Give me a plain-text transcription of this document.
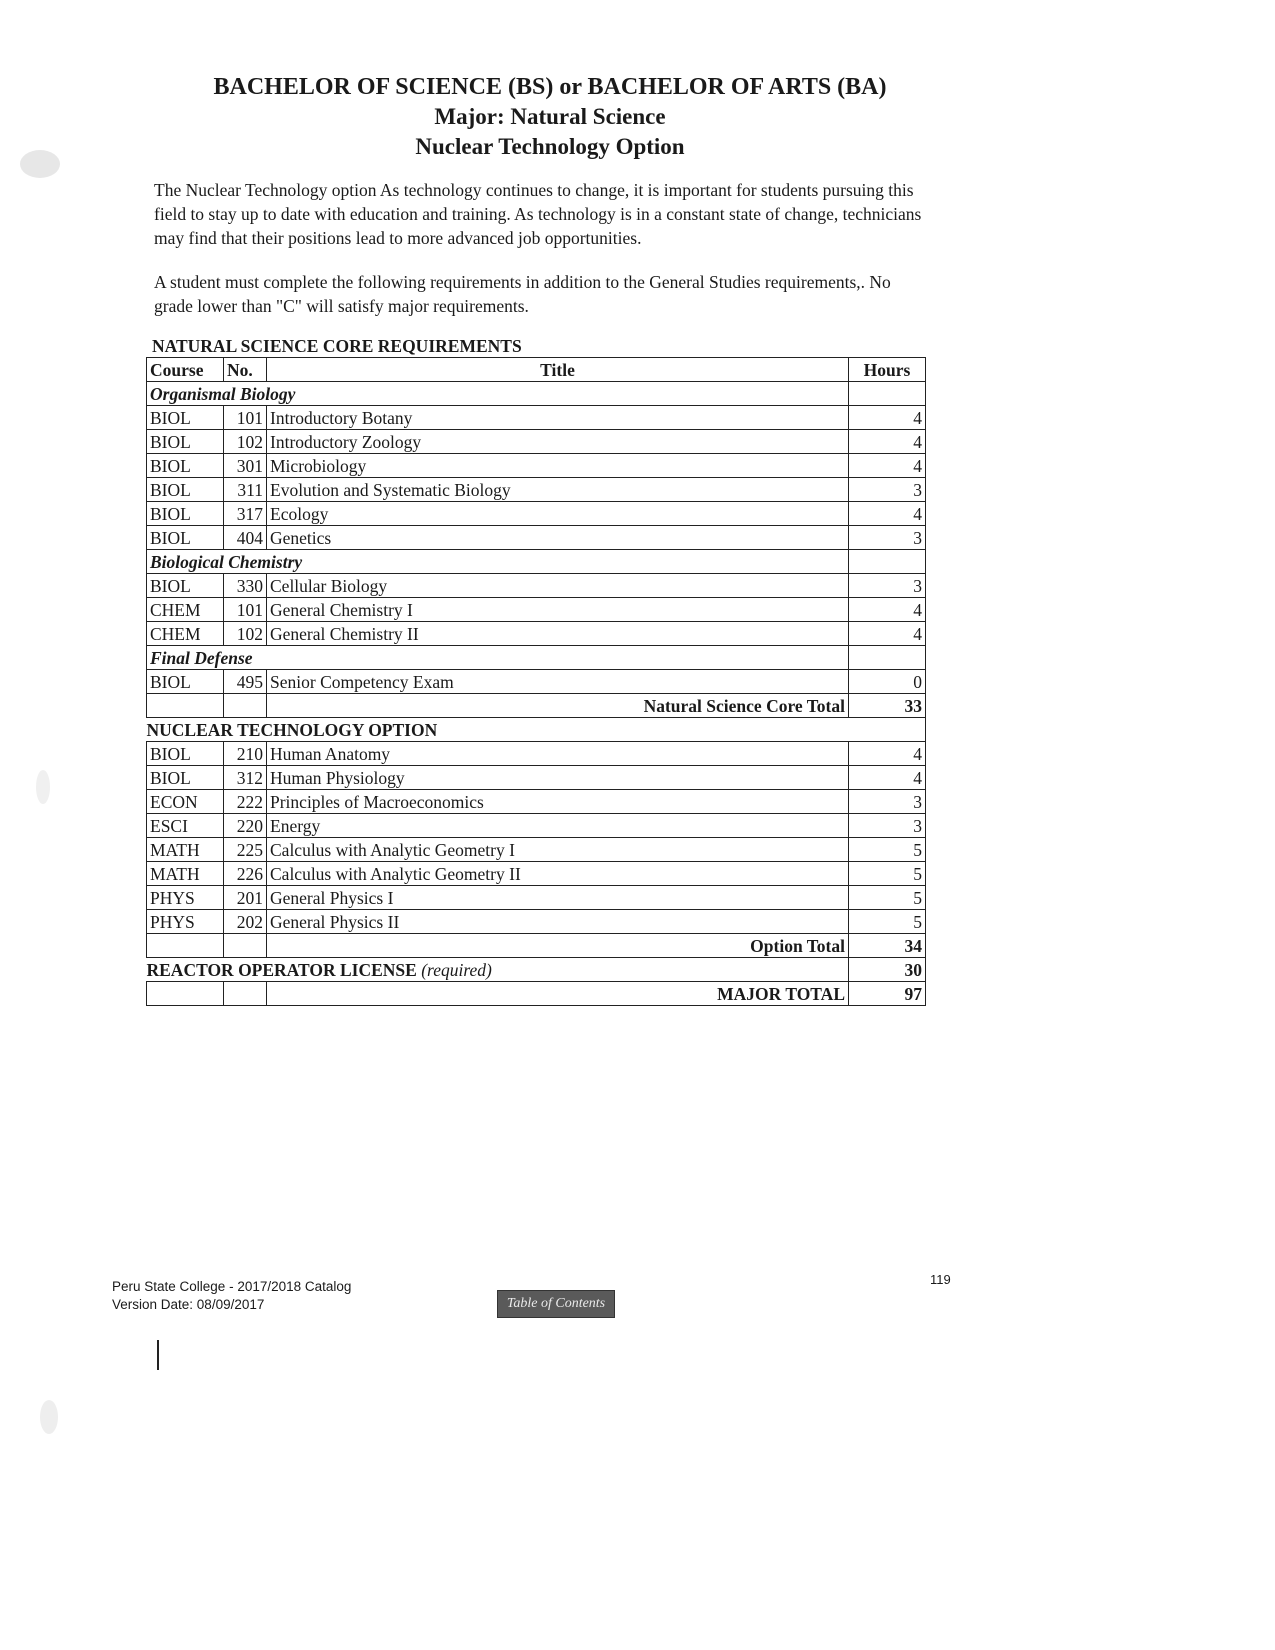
BACHELOR OF SCIENCE (BS) or BACHELOR OF ARTS (BA)
Major: Natural Science
Nuclear Technology Option
The Nuclear Technology option As technology continues to change, it is important for students pursuing this field to stay up to date with education and training. As technology is in a constant state of change, technicians may find that their positions lead to more advanced job opportunities.
A student must complete the following requirements in addition to the General Studies requirements,. No grade lower than "C" will satisfy major requirements.
NATURAL SCIENCE CORE REQUIREMENTS
Course	No.	Title	Hours
Organismal Biology			
BIOL	101	Introductory Botany	4
BIOL	102	Introductory Zoology	4
BIOL	301	Microbiology	4
BIOL	311	Evolution and Systematic Biology	3
BIOL	317	Ecology	4
BIOL	404	Genetics	3
Biological Chemistry			
BIOL	330	Cellular Biology	3
CHEM	101	General Chemistry I	4
CHEM	102	General Chemistry II	4
Final Defense			
BIOL	495	Senior Competency Exam	0
		Natural Science Core Total	33
NUCLEAR TECHNOLOGY OPTION			
BIOL	210	Human Anatomy	4
BIOL	312	Human Physiology	4
ECON	222	Principles of Macroeconomics	3
ESCI	220	Energy	3
MATH	225	Calculus with Analytic Geometry I	5
MATH	226	Calculus with Analytic Geometry II	5
PHYS	201	General Physics I	5
PHYS	202	General Physics II	5
		Option Total	34
REACTOR OPERATOR LICENSE (required)			30
		MAJOR TOTAL	97
Peru State College - 2017/2018 Catalog
Version Date: 08/09/2017
119
Table of Contents
